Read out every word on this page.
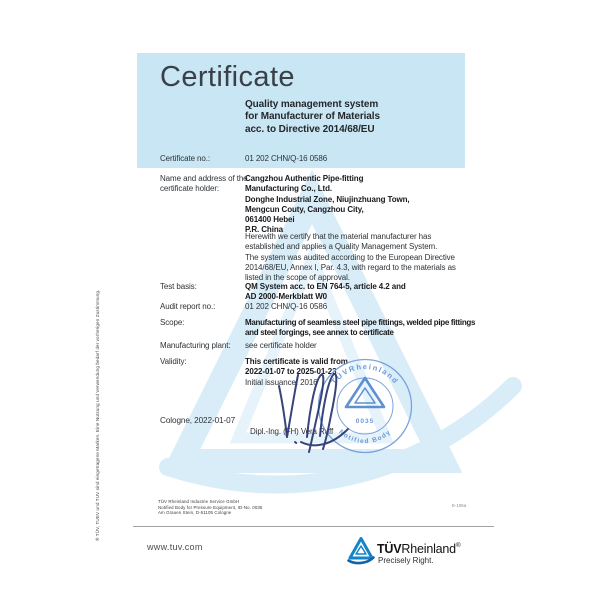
Certificate
Quality management system
for Manufacturer of Materials
acc. to Directive 2014/68/EU
Certificate no.:	01 202 CHN/Q-16 0586
Name and address of the
certificate holder:
Cangzhou Authentic Pipe-fitting
Manufacturing Co., Ltd.
Donghe Industrial Zone, Niujinzhuang Town,
Mengcun Couty, Cangzhou City,
061400 Hebei
P.R. China
Herewith we certify that the material manufacturer has
established and applies a Quality Management System.
The system was audited according to the European Directive
2014/68/EU, Annex I, Par. 4.3, with regard to the materials as
listed in the scope of approval.
Test basis:	QM System acc. to EN 764-5, article 4.2 and
AD 2000-Merkblatt W0
Audit report no.:	01 202 CHN/Q-16 0586
Scope:	Manufacturing of seamless steel pipe fittings, welded pipe fittings
and steel forgings, see annex to certificate
Manufacturing plant: see certificate holder
Validity:	This certificate is valid from
2022-01-07 to 2025-01-23
Initial issuance: 2016
Cologne, 2022-01-07
Dipl.-Ing. (FH) Vera Ruff
TÜV Rheinland Industrie Service GmbH
Notified Body for Pressure Equipment, ID-No. 0035
Am Grauen Stein, D-51105 Cologne
E-106a
® TÜV, TUEV und TUV sind eingetragene Marken. Eine Nutzung und Verwendung bedarf der vorherigen Zustimmung.
www.tuv.com	TÜVRheinland®
Precisely Right.
TÜVRheinland
Notified Body
0035
